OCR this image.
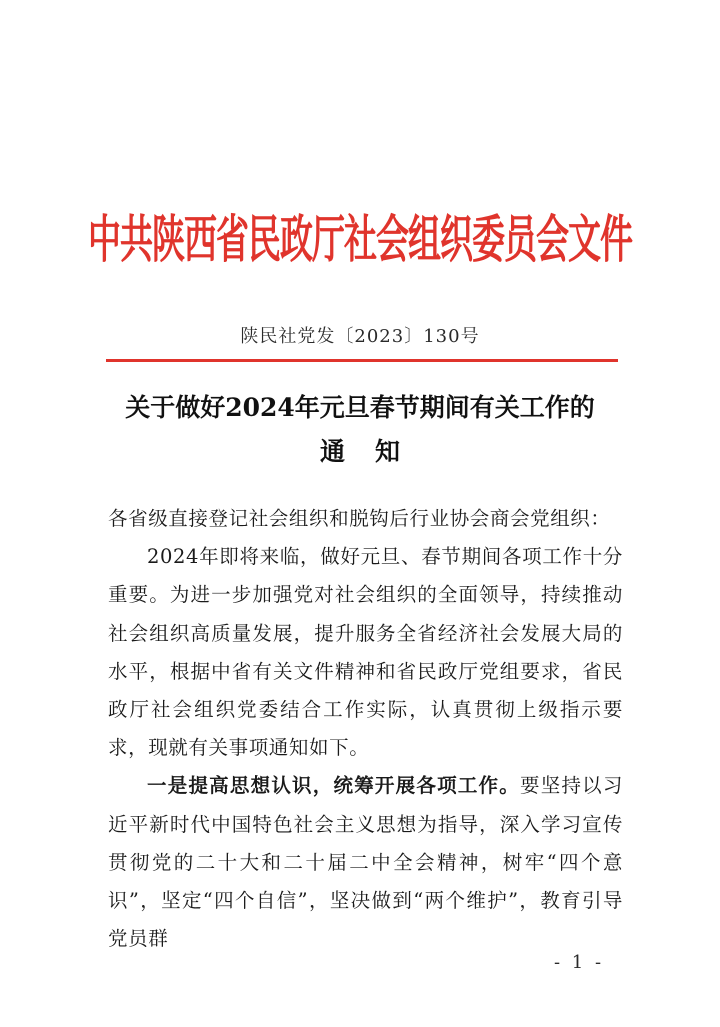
中共陕西省民政厅社会组织委员会文件
陕民社党发〔2023〕130号
关于做好2024年元旦春节期间有关工作的
通知

各省级直接登记社会组织和脱钩后行业协会商会党组织：

2024年即将来临，做好元旦、春节期间各项工作十分重要。为进一步加强党对社会组织的全面领导，持续推动社会组织高质量发展，提升服务全省经济社会发展大局的水平，根据中省有关文件精神和省民政厅党组要求，省民政厅社会组织党委结合工作实际，认真贯彻上级指示要求，现就有关事项通知如下。

一是提高思想认识，统筹开展各项工作。要坚持以习近平新时代中国特色社会主义思想为指导，深入学习宣传贯彻党的二十大和二十届二中全会精神，树牢“四个意识”，坚定“四个自信”，坚决做到“两个维护”，教育引导党员群

- 1 -
